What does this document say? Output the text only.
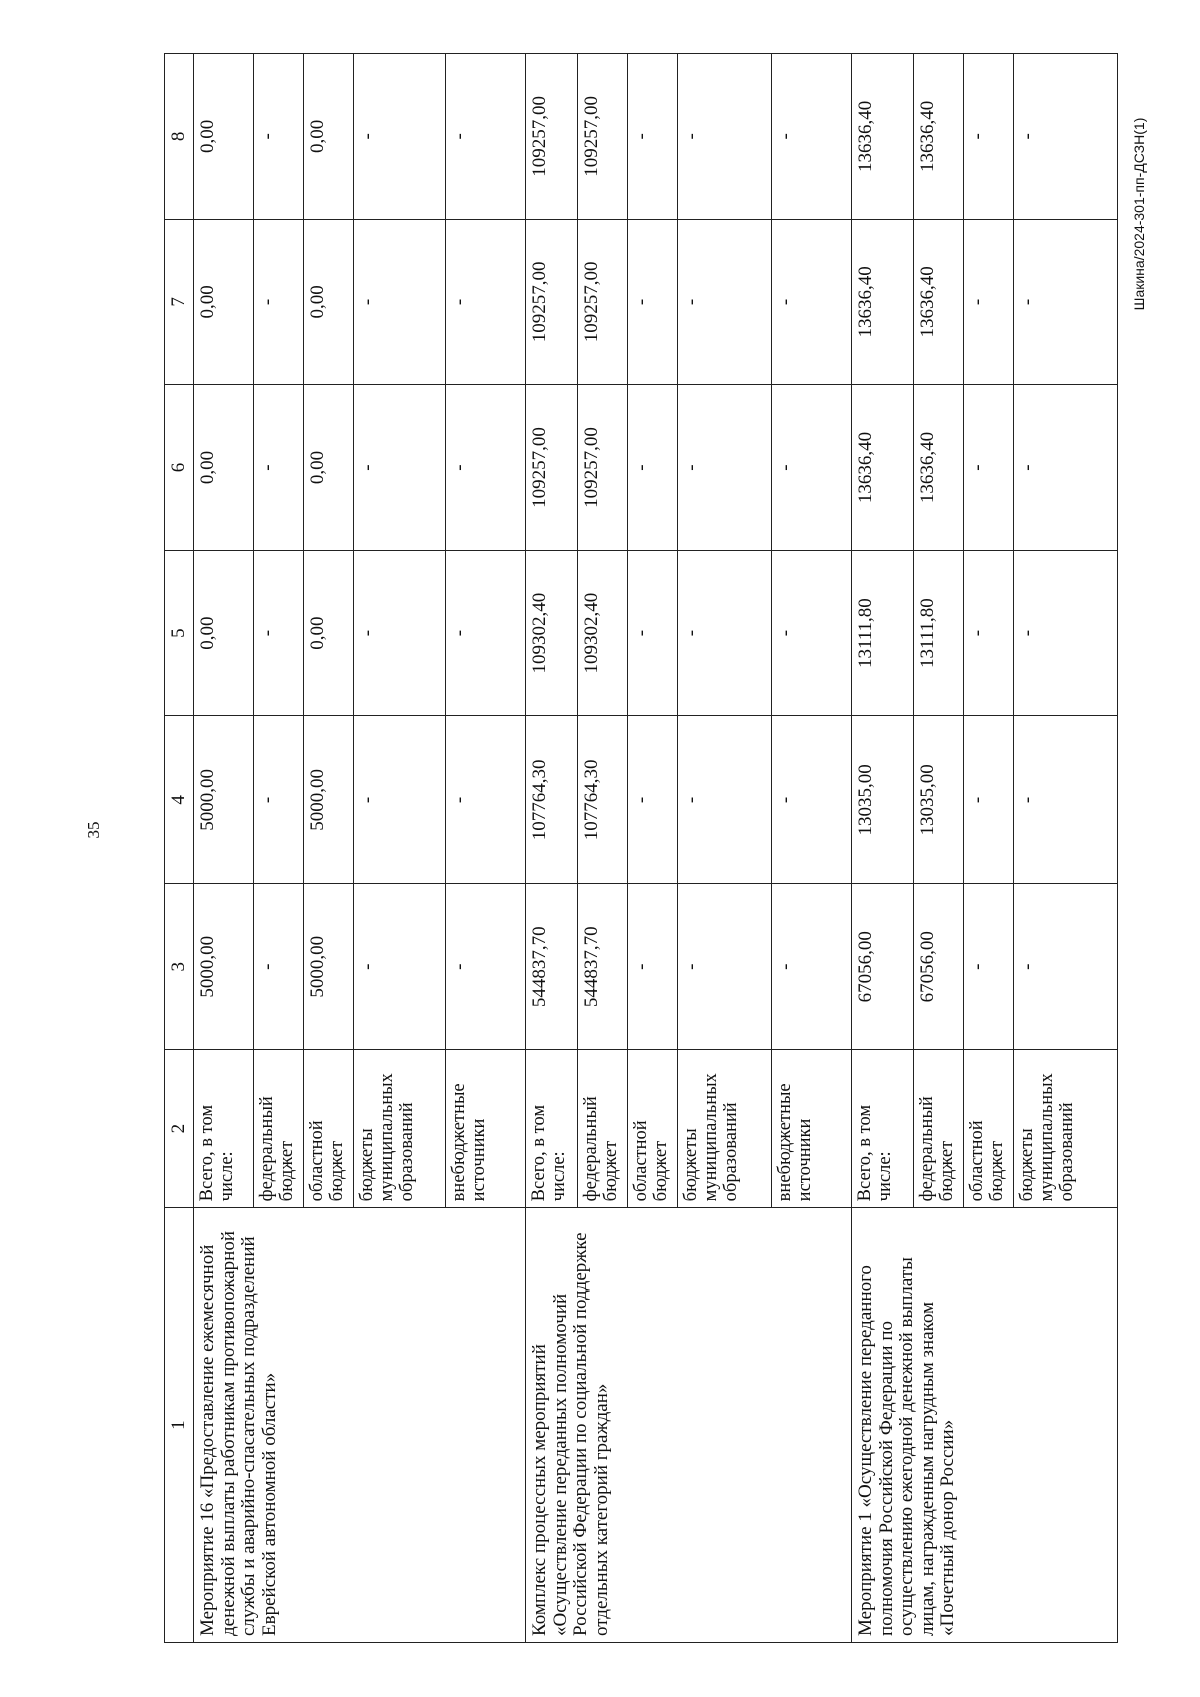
35
1	2	3	4	5	6	7	8
Мероприятие 16 «Предоставление ежемесячной денежной выплаты работникам противопожарной службы и аварийно-спасательных подразделений Еврейской автономной области»	Всего, в том числе:	5000,00	5000,00	0,00	0,00	0,00	0,00
	федеральный бюджет	-	-	-	-	-	-
	областной бюджет	5000,00	5000,00	0,00	0,00	0,00	0,00
	бюджеты муниципальных образований	-	-	-	-	-	-
	внебюджетные источники	-	-	-	-	-	-
Комплекс процессных мероприятий «Осуществление переданных полномочий Российской Федерации по социальной поддержке отдельных категорий граждан»	Всего, в том числе:	544837,70	107764,30	109302,40	109257,00	109257,00	109257,00
	федеральный бюджет	544837,70	107764,30	109302,40	109257,00	109257,00	109257,00
	областной бюджет	-	-	-	-	-	-
	бюджеты муниципальных образований	-	-	-	-	-	-
	внебюджетные источники	-	-	-	-	-	-
Мероприятие 1 «Осуществление переданного полномочия Российской Федерации по осуществлению ежегодной денежной выплаты лицам, награжденным нагрудным знаком «Почетный донор России»	Всего, в том числе:	67056,00	13035,00	13111,80	13636,40	13636,40	13636,40
	федеральный бюджет	67056,00	13035,00	13111,80	13636,40	13636,40	13636,40
	областной бюджет	-	-	-	-	-	-
	бюджеты муниципальных образований	-	-	-	-	-	-	Шакина/2024-301-пп-ДСЗН(1)
